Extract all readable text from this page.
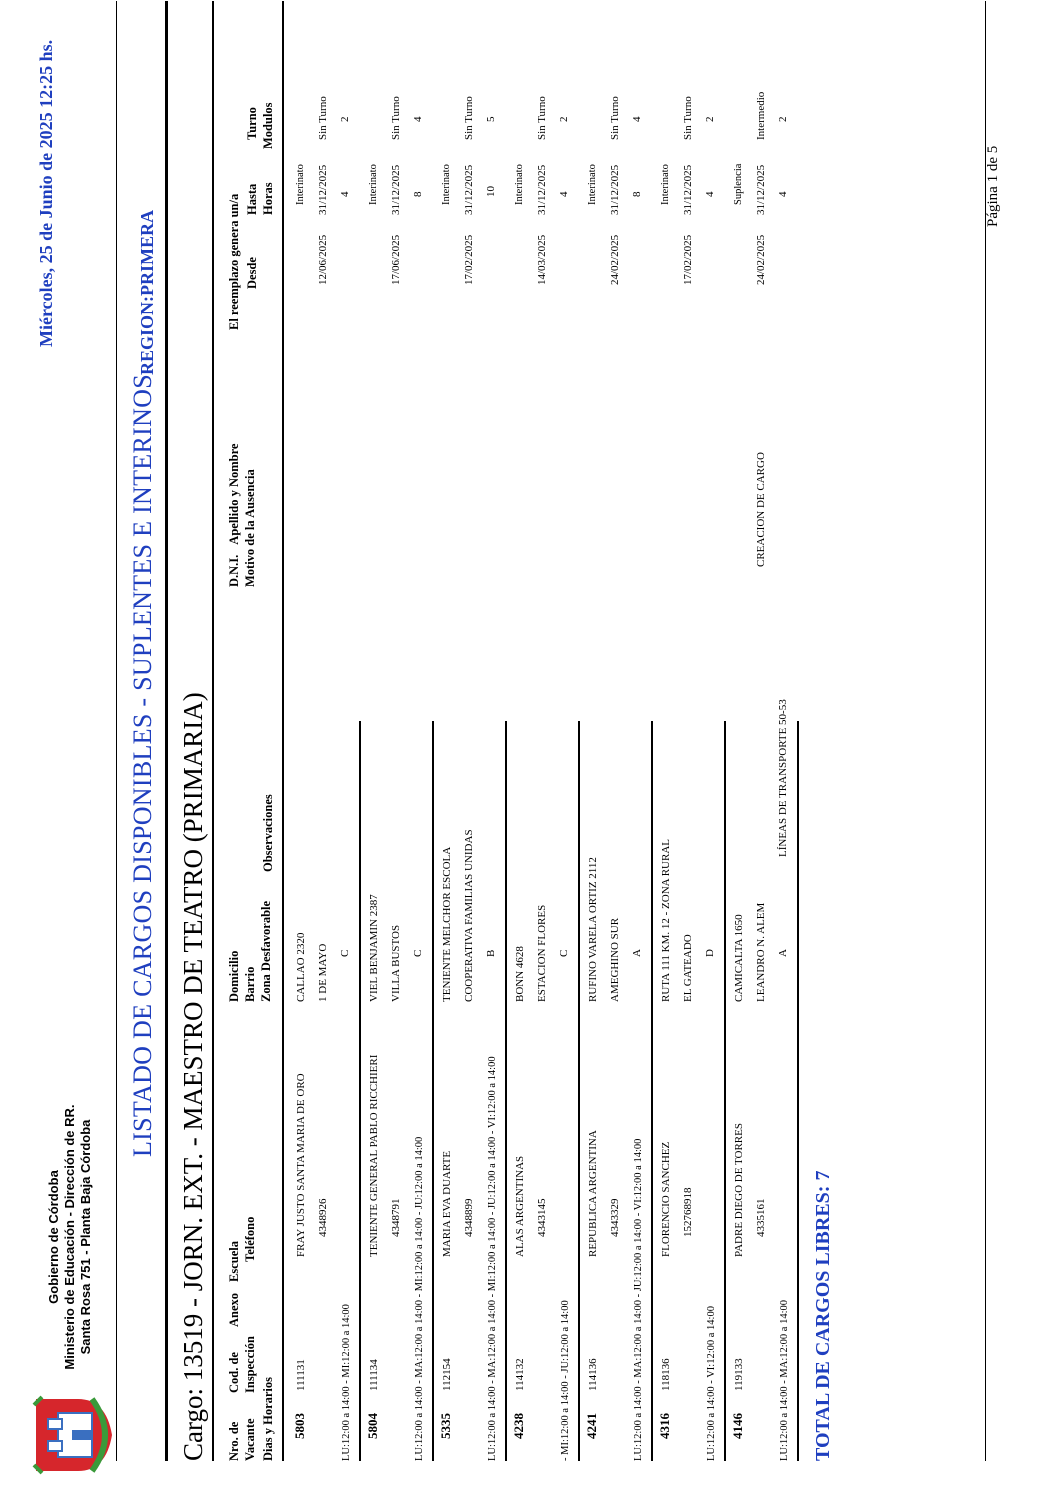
Gobierno de Córdoba Ministerio de Educación - Dirección de RR. Santa Rosa 751 - Planta Baja Córdoba
Miércoles, 25 de Junio de 2025 12:25 hs.
LISTADO DE CARGOS DISPONIBLES - SUPLENTES E INTERINOS
REGION:PRIMERA
Cargo: 13519 - JORN. EXT. - MAESTRO DE TEATRO (PRIMARIA) Nro. de Vacante
Cod. de Inspección
Anexo
Escuela Teléfono
Dias y Horarios
Domicilio Barrio Zona Desfavorable
Observaciones
D.N.I.Apellido y Nombre Motivo de la Ausencia
El reemplazo genera un/a Desde
Hasta
Turno
Horas
Modulos
5803
111131
FRAY JUSTO SANTA MARIA DE ORO 4348926
LU:12:00 a 14:00 - MI:12:00 a 14:00
CALLAO 2320 1 DE MAYO C
Interinato
12/06/2025
31/12/2025
Sin Turno
4
2
5804
111134
TENIENTE GENERAL PABLO RICCHIERI 4348791 LU:12:00 a 14:00 - MA:12:00 a 14:00 - MI:12:00 a 14:00 - JU:12:00 a 14:00
VIEL BENJAMIN 2387 VILLA BUSTOS C
Interinato
17/06/2025
31/12/2025
Sin Turno
8
4
5335
112154
MARIA EVA DUARTE 4348899 LU:12:00 a 14:00 - MA:12:00 a 14:00 - MI:12:00 a 14:00 - JU:12:00 a 14:00 - VI:12:00 a 14:00
TENIENTE MELCHOR ESCOLA COOPERATIVA FAMILIAS UNIDAS B
Interinato
17/02/2025
31/12/2025
Sin Turno
10
5
4238
114132
ALAS ARGENTINAS 4343145
- MI:12:00 a 14:00 - JU:12:00 a 14:00
BONN 4628 ESTACION FLORES C
Interinato
14/03/2025
31/12/2025
Sin Turno
4
2
4241
114136
REPUBLICA ARGENTINA 4343329 LU:12:00 a 14:00 - MA:12:00 a 14:00 - JU:12:00 a 14:00 - VI:12:00 a 14:00
RUFINO VARELA ORTIZ 2112 AMEGHINO SUR A
Interinato
24/02/2025
31/12/2025
Sin Turno
8
4
4316
118136
FLORENCIO SANCHEZ 152768918
LU:12:00 a 14:00 - VI:12:00 a 14:00
RUTA 111 KM. 12 - ZONA RURAL EL GATEADO D
Interinato
17/02/2025
31/12/2025
Sin Turno
4
2
4146
119133
PADRE DIEGO DE TORRES 4335161
LU:12:00 a 14:00 - MA:12:00 a 14:00
CAMICALTA 1650 LEANDRO N. ALEM A
LÍNEAS DE TRANSPORTE 50-53
CREACION DE CARGO
Suplencia
24/02/2025
31/12/2025
Intermedio
4
2
TOTAL DE CARGOS LIBRES: 7
Página 1 de 5
